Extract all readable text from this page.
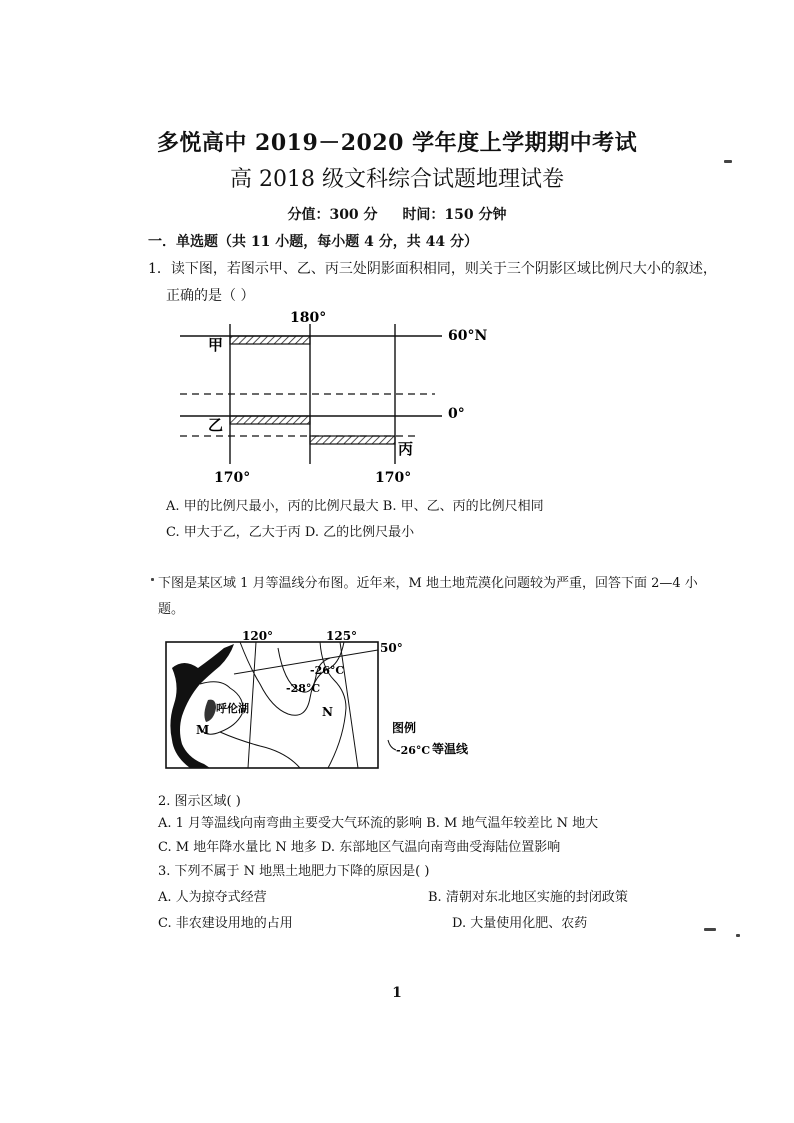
多悦高中 2019－2020 学年度上学期期中考试
高 2018 级文科综合试题地理试卷
分值：300 分 时间：150 分钟
一．单选题（共 11 小题，每小题 4 分，共 44 分）
1．读下图，若图示甲、乙、丙三处阴影面积相同，则关于三个阴影区域比例尺大小的叙述，
正确的是（ ）
180°
60°N
0°
170°	170°
甲
乙
丙
A. 甲的比例尺最小，丙的比例尺最大 B. 甲、乙、丙的比例尺相同
C. 甲大于乙，乙大于丙 D. 乙的比例尺最小
下图是某区域 1 月等温线分布图。近年来，M 地土地荒漠化问题较为严重，回答下面 2—4 小
题。
120°	125°
50°
-26°C
-28°C
呼伦湖
M
N
图例
-26°C 等温线
2. 图示区域( )
A. 1 月等温线向南弯曲主要受大气环流的影响 B. M 地气温年较差比 N 地大
C. M 地年降水量比 N 地多 D. 东部地区气温向南弯曲受海陆位置影响
3. 下列不属于 N 地黑土地肥力下降的原因是( )
A. 人为掠夺式经营	B. 清朝对东北地区实施的封闭政策
C. 非农建设用地的占用	D. 大量使用化肥、农药
1
